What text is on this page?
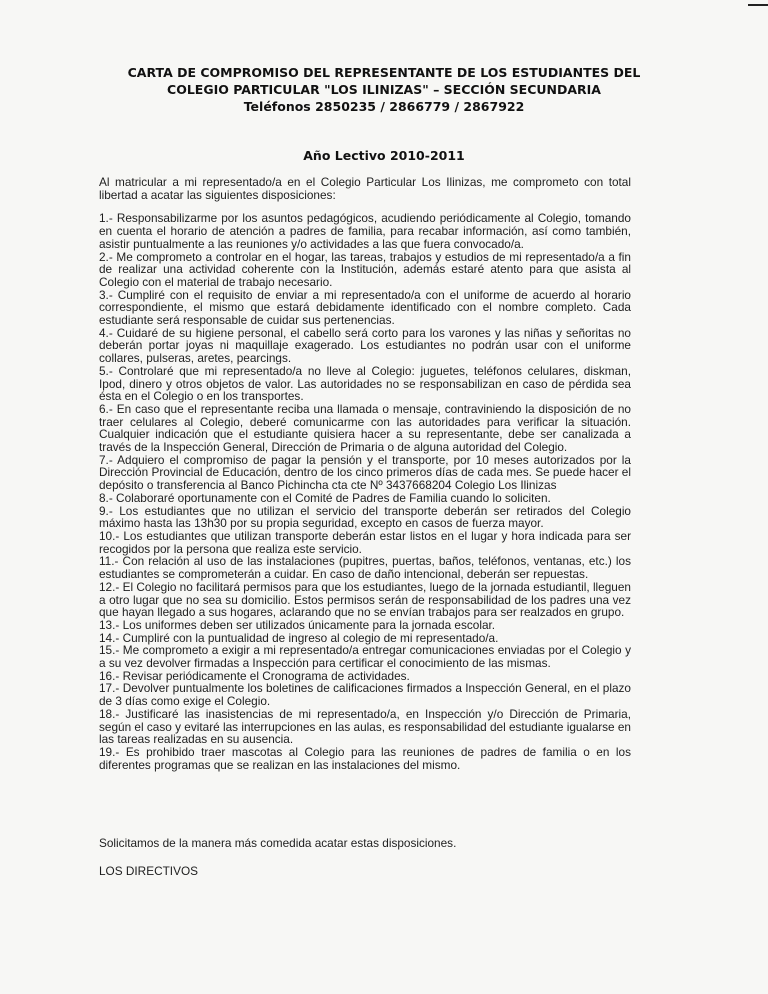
CARTA DE COMPROMISO DEL REPRESENTANTE DE LOS ESTUDIANTES DEL
COLEGIO PARTICULAR "LOS ILINIZAS" – SECCIÓN SECUNDARIA
Teléfonos 2850235 / 2866779 / 2867922
Año Lectivo 2010-2011

Al matricular a mi representado/a en el Colegio Particular Los Ilinizas, me comprometo con total libertad a acatar las siguientes disposiciones:

1.- Responsabilizarme por los asuntos pedagógicos, acudiendo periódicamente al Colegio, tomando en cuenta el horario de atención a padres de familia, para recabar información, así como también, asistir puntualmente a las reuniones y/o actividades a las que fuera convocado/a.

2.- Me comprometo a controlar en el hogar, las tareas, trabajos y estudios de mi representado/a a fin de realizar una actividad coherente con la Institución, además estaré atento para que asista al Colegio con el material de trabajo necesario.

3.- Cumpliré con el requisito de enviar a mi representado/a con el uniforme de acuerdo al horario correspondiente, el mismo que estará debidamente identificado con el nombre completo. Cada estudiante será responsable de cuidar sus pertenencias.

4.- Cuidaré de su higiene personal, el cabello será corto para los varones y las niñas y señoritas no deberán portar joyas ni maquillaje exagerado. Los estudiantes no podrán usar con el uniforme collares, pulseras, aretes, pearcings.

5.- Controlaré que mi representado/a no lleve al Colegio: juguetes, teléfonos celulares, diskman, Ipod, dinero y otros objetos de valor. Las autoridades no se responsabilizan en caso de pérdida sea ésta en el Colegio o en los transportes.

6.- En caso que el representante reciba una llamada o mensaje, contraviniendo la disposición de no traer celulares al Colegio, deberé comunicarme con las autoridades para verificar la situación. Cualquier indicación que el estudiante quisiera hacer a su representante, debe ser canalizada a través de la Inspección General, Dirección de Primaria o de alguna autoridad del Colegio.

7.- Adquiero el compromiso de pagar la pensión y el transporte, por 10 meses autorizados por la Dirección Provincial de Educación, dentro de los cinco primeros días de cada mes. Se puede hacer el depósito o transferencia al Banco Pichincha cta cte Nº 3437668204 Colegio Los Ilinizas

8.- Colaboraré oportunamente con el Comité de Padres de Familia cuando lo soliciten.

9.- Los estudiantes que no utilizan el servicio del transporte deberán ser retirados del Colegio máximo hasta las 13h30 por su propia seguridad, excepto en casos de fuerza mayor.

10.- Los estudiantes que utilizan transporte deberán estar listos en el lugar y hora indicada para ser recogidos por la persona que realiza este servicio.

11.- Con relación al uso de las instalaciones (pupitres, puertas, baños, teléfonos, ventanas, etc.) los estudiantes se comprometerán a cuidar. En caso de daño intencional, deberán ser repuestas.

12.- El Colegio no facilitará permisos para que los estudiantes, luego de la jornada estudiantil, lleguen a otro lugar que no sea su domicilio. Estos permisos serán de responsabilidad de los padres una vez que hayan llegado a sus hogares, aclarando que no se envían trabajos para ser realzados en grupo.

13.- Los uniformes deben ser utilizados únicamente para la jornada escolar.

14.- Cumpliré con la puntualidad de ingreso al colegio de mi representado/a.

15.- Me comprometo a exigir a mi representado/a entregar comunicaciones enviadas por el Colegio y a su vez devolver firmadas a Inspección para certificar el conocimiento de las mismas.

16.- Revisar periódicamente el Cronograma de actividades.

17.- Devolver puntualmente los boletines de calificaciones firmados a Inspección General, en el plazo de 3 días como exige el Colegio.

18.- Justificaré las inasistencias de mi representado/a, en Inspección y/o Dirección de Primaria, según el caso y evitaré las interrupciones en las aulas, es responsabilidad del estudiante igualarse en las tareas realizadas en su ausencia.

19.- Es prohibido traer mascotas al Colegio para las reuniones de padres de familia o en los diferentes programas que se realizan en las instalaciones del mismo.

Solicitamos de la manera más comedida acatar estas disposiciones.
LOS DIRECTIVOS
